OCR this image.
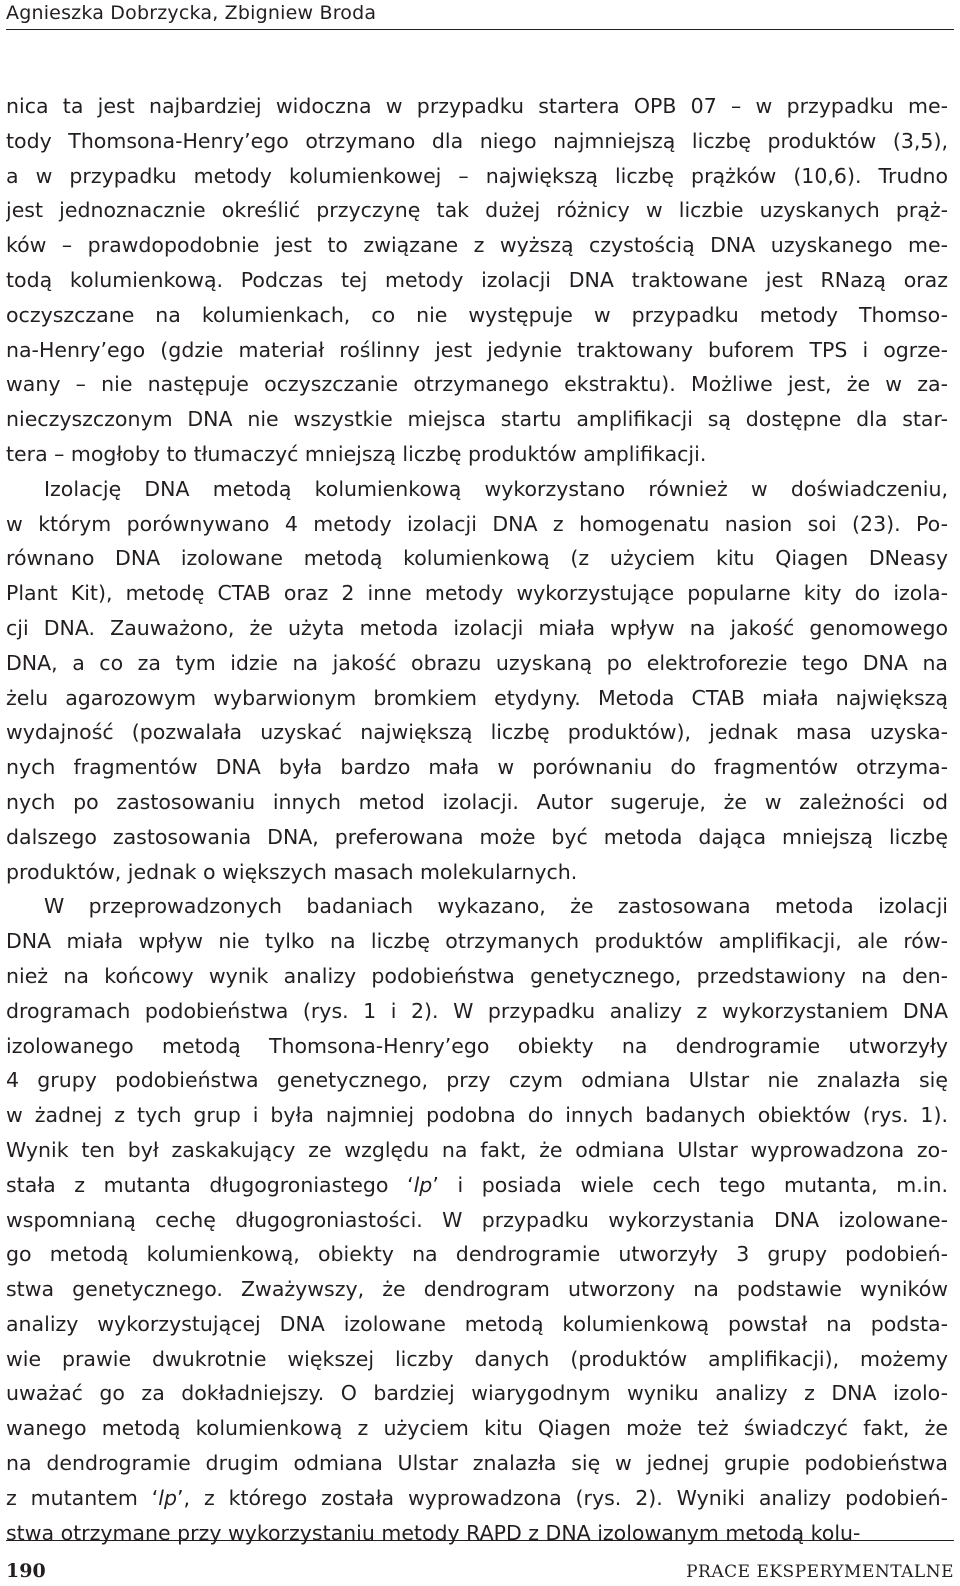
Agnieszka Dobrzycka, Zbigniew Broda
nica ta jest najbardziej widoczna w przypadku startera OPB 07 – w przypadku me-
tody Thomsona-Henry’ego otrzymano dla niego najmniejszą liczbę produktów (3,5),
a w przypadku metody kolumienkowej – największą liczbę prążków (10,6). Trudno
jest jednoznacznie określić przyczynę tak dużej różnicy w liczbie uzyskanych prąż-
ków – prawdopodobnie jest to związane z wyższą czystością DNA uzyskanego me-
todą kolumienkową. Podczas tej metody izolacji DNA traktowane jest RNazą oraz
oczyszczane na kolumienkach, co nie występuje w przypadku metody Thomso-
na-Henry’ego (gdzie materiał roślinny jest jedynie traktowany buforem TPS i ogrze-
wany – nie następuje oczyszczanie otrzymanego ekstraktu). Możliwe jest, że w za-
nieczyszczonym DNA nie wszystkie miejsca startu amplifikacji są dostępne dla star-
tera – mogłoby to tłumaczyć mniejszą liczbę produktów amplifikacji.
Izolację DNA metodą kolumienkową wykorzystano również w doświadczeniu,
w którym porównywano 4 metody izolacji DNA z homogenatu nasion soi (23). Po-
równano DNA izolowane metodą kolumienkową (z użyciem kitu Qiagen DNeasy
Plant Kit), metodę CTAB oraz 2 inne metody wykorzystujące popularne kity do izola-
cji DNA. Zauważono, że użyta metoda izolacji miała wpływ na jakość genomowego
DNA, a co za tym idzie na jakość obrazu uzyskaną po elektroforezie tego DNA na
żelu agarozowym wybarwionym bromkiem etydyny. Metoda CTAB miała największą
wydajność (pozwalała uzyskać największą liczbę produktów), jednak masa uzyska-
nych fragmentów DNA była bardzo mała w porównaniu do fragmentów otrzyma-
nych po zastosowaniu innych metod izolacji. Autor sugeruje, że w zależności od
dalszego zastosowania DNA, preferowana może być metoda dająca mniejszą liczbę
produktów, jednak o większych masach molekularnych.
W przeprowadzonych badaniach wykazano, że zastosowana metoda izolacji
DNA miała wpływ nie tylko na liczbę otrzymanych produktów amplifikacji, ale rów-
nież na końcowy wynik analizy podobieństwa genetycznego, przedstawiony na den-
drogramach podobieństwa (rys. 1 i 2). W przypadku analizy z wykorzystaniem DNA
izolowanego metodą Thomsona-Henry’ego obiekty na dendrogramie utworzyły
4 grupy podobieństwa genetycznego, przy czym odmiana Ulstar nie znalazła się
w żadnej z tych grup i była najmniej podobna do innych badanych obiektów (rys. 1).
Wynik ten był zaskakujący ze względu na fakt, że odmiana Ulstar wyprowadzona zo-
stała z mutanta długogroniastego ‘lp’ i posiada wiele cech tego mutanta, m.in.
wspomnianą cechę długogroniastości. W przypadku wykorzystania DNA izolowane-
go metodą kolumienkową, obiekty na dendrogramie utworzyły 3 grupy podobień-
stwa genetycznego. Zważywszy, że dendrogram utworzony na podstawie wyników
analizy wykorzystującej DNA izolowane metodą kolumienkową powstał na podsta-
wie prawie dwukrotnie większej liczby danych (produktów amplifikacji), możemy
uważać go za dokładniejszy. O bardziej wiarygodnym wyniku analizy z DNA izolo-
wanego metodą kolumienkową z użyciem kitu Qiagen może też świadczyć fakt, że
na dendrogramie drugim odmiana Ulstar znalazła się w jednej grupie podobieństwa
z mutantem ‘lp’, z którego została wyprowadzona (rys. 2). Wyniki analizy podobień-
stwa otrzymane przy wykorzystaniu metody RAPD z DNA izolowanym metodą kolu-
190	PRACE EKSPERYMENTALNE
